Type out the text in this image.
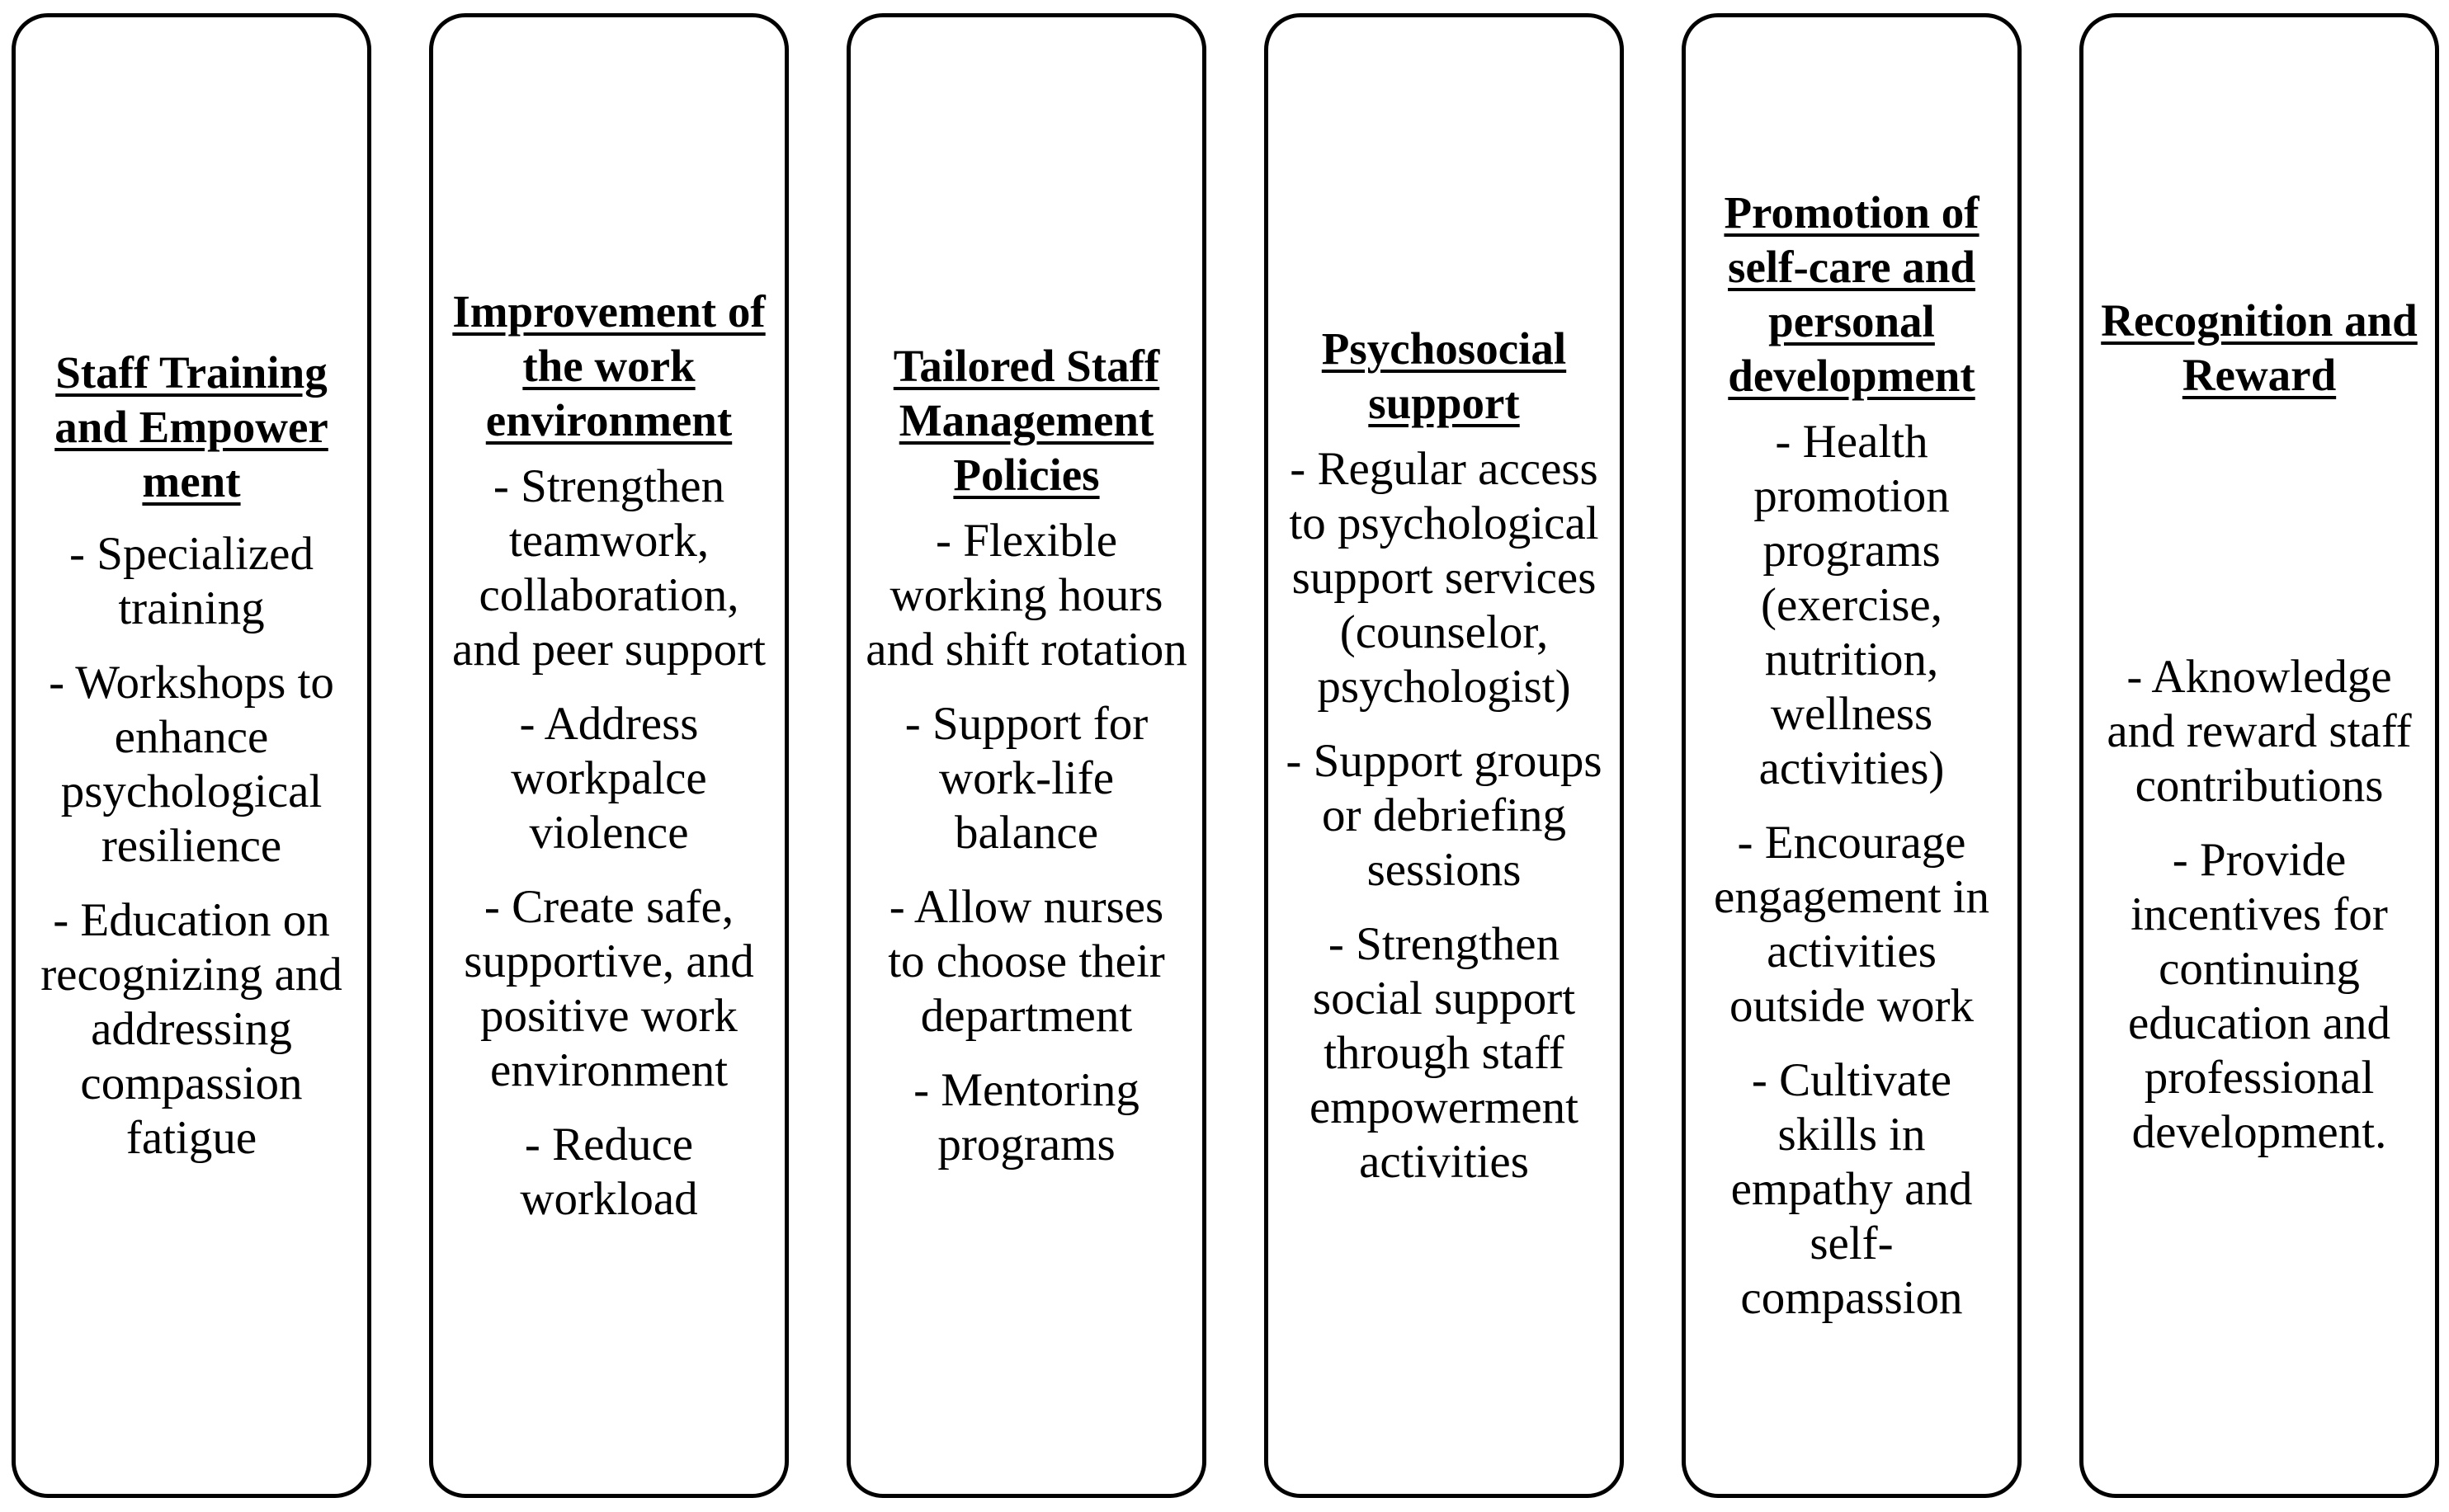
Staff Training and Empowerment
- Specialized training
- Workshops to enhance psychological resilience
- Education on recognizing and addressing compassion fatigue
Improvement of the work environment
- Strengthen teamwork, collaboration, and peer support
- Address workpalce violence
- Create safe, supportive, and positive work environment
- Reduce workload
Tailored Staff Management Policies
- Flexible working hours and shift rotation
- Support for work-life balance
- Allow nurses to choose their department
- Mentoring programs
Psychosocial support
- Regular access to psychological support services (counselor, psychologist)
- Support groups or debriefing sessions
- Strengthen social support through staff empowerment activities
Promotion of self-care and personal development
- Health promotion programs (exercise, nutrition, wellness activities)
- Encourage engagement in activities outside work
- Cultivate skills in empathy and self-compassion
Recognition and Reward
- Aknowledge and reward staff contributions
- Provide incentives for continuing education and professional development.
